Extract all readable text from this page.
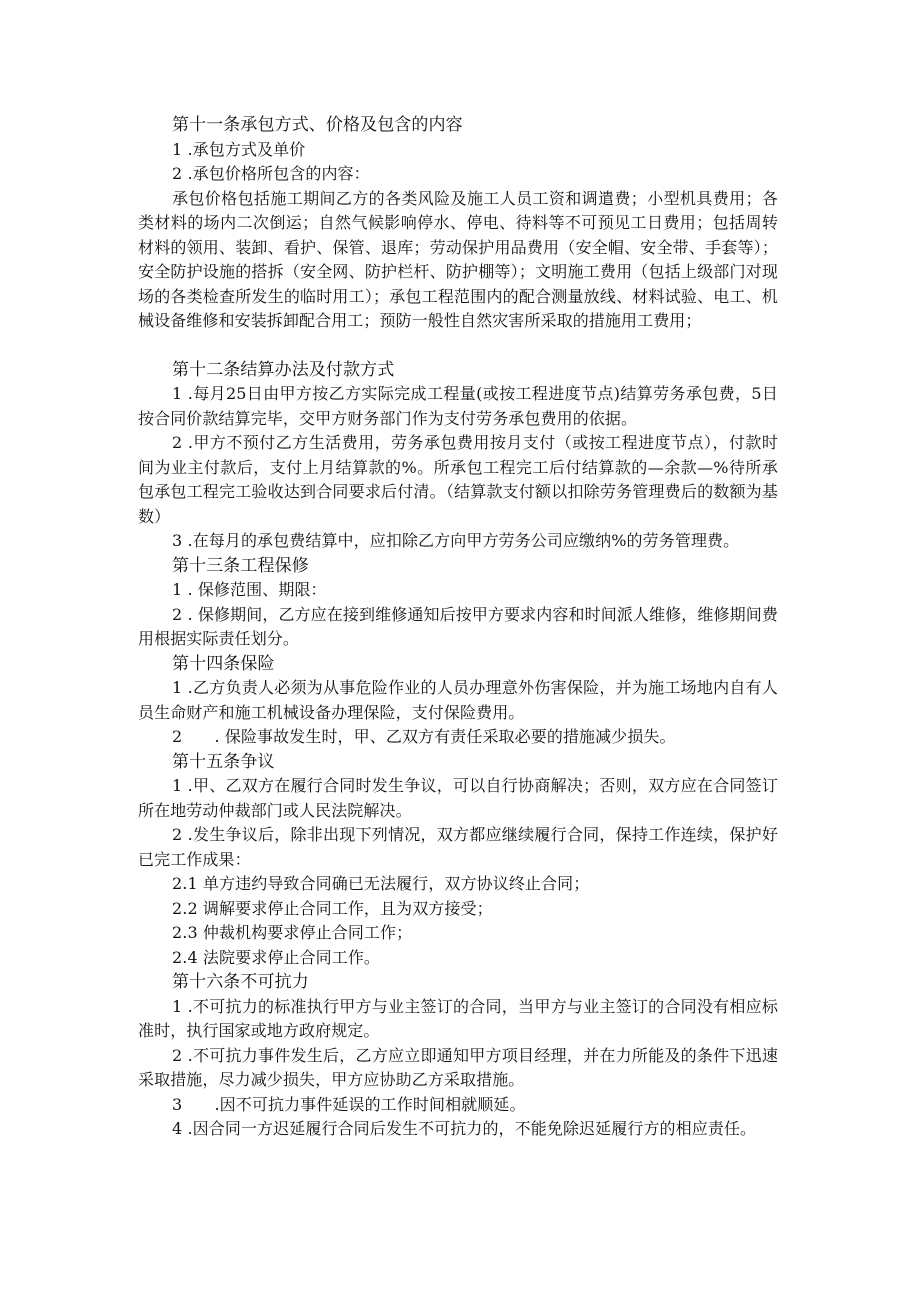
第十一条承包方式、价格及包含的内容

1 .承包方式及单价

2 .承包价格所包含的内容：

承包价格包括施工期间乙方的各类风险及施工人员工资和调遣费；小型机具费用；各类材料的场内二次倒运；自然气候影响停水、停电、待料等不可预见工日费用；包括周转材料的领用、装卸、看护、保管、退库；劳动保护用品费用（安全帽、安全带、手套等）；安全防护设施的搭拆（安全网、防护栏杆、防护棚等）；文明施工费用（包括上级部门对现场的各类检查所发生的临时用工）；承包工程范围内的配合测量放线、材料试验、电工、机械设备维修和安装拆卸配合用工；预防一般性自然灾害所采取的措施用工费用；

第十二条结算办法及付款方式

1 .每月25日由甲方按乙方实际完成工程量(或按工程进度节点)结算劳务承包费，5日按合同价款结算完毕，交甲方财务部门作为支付劳务承包费用的依据。

2 .甲方不预付乙方生活费用，劳务承包费用按月支付（或按工程进度节点），付款时间为业主付款后，支付上月结算款的%。所承包工程完工后付结算款的—余款—%待所承包承包工程完工验收达到合同要求后付清。（结算款支付额以扣除劳务管理费后的数额为基数）

3 .在每月的承包费结算中，应扣除乙方向甲方劳务公司应缴纳%的劳务管理费。

第十三条工程保修

1 . 保修范围、期限：

2 . 保修期间，乙方应在接到维修通知后按甲方要求内容和时间派人维修，维修期间费用根据实际责任划分。

第十四条保险

1 .乙方负责人必须为从事危险作业的人员办理意外伤害保险，并为施工场地内自有人员生命财产和施工机械设备办理保险，支付保险费用。

2　　. 保险事故发生时，甲、乙双方有责任采取必要的措施减少损失。

第十五条争议

1 .甲、乙双方在履行合同时发生争议，可以自行协商解决；否则，双方应在合同签订所在地劳动仲裁部门或人民法院解决。

2 .发生争议后，除非出现下列情况，双方都应继续履行合同，保持工作连续，保护好已完工作成果：

2.1 单方违约导致合同确已无法履行，双方协议终止合同；

2.2 调解要求停止合同工作，且为双方接受；

2.3 仲裁机构要求停止合同工作；

2.4 法院要求停止合同工作。

第十六条不可抗力

1 .不可抗力的标准执行甲方与业主签订的合同，当甲方与业主签订的合同没有相应标准时，执行国家或地方政府规定。

2 .不可抗力事件发生后，乙方应立即通知甲方项目经理，并在力所能及的条件下迅速采取措施，尽力减少损失，甲方应协助乙方采取措施。

3　　.因不可抗力事件延误的工作时间相就顺延。

4 .因合同一方迟延履行合同后发生不可抗力的，不能免除迟延履行方的相应责任。
